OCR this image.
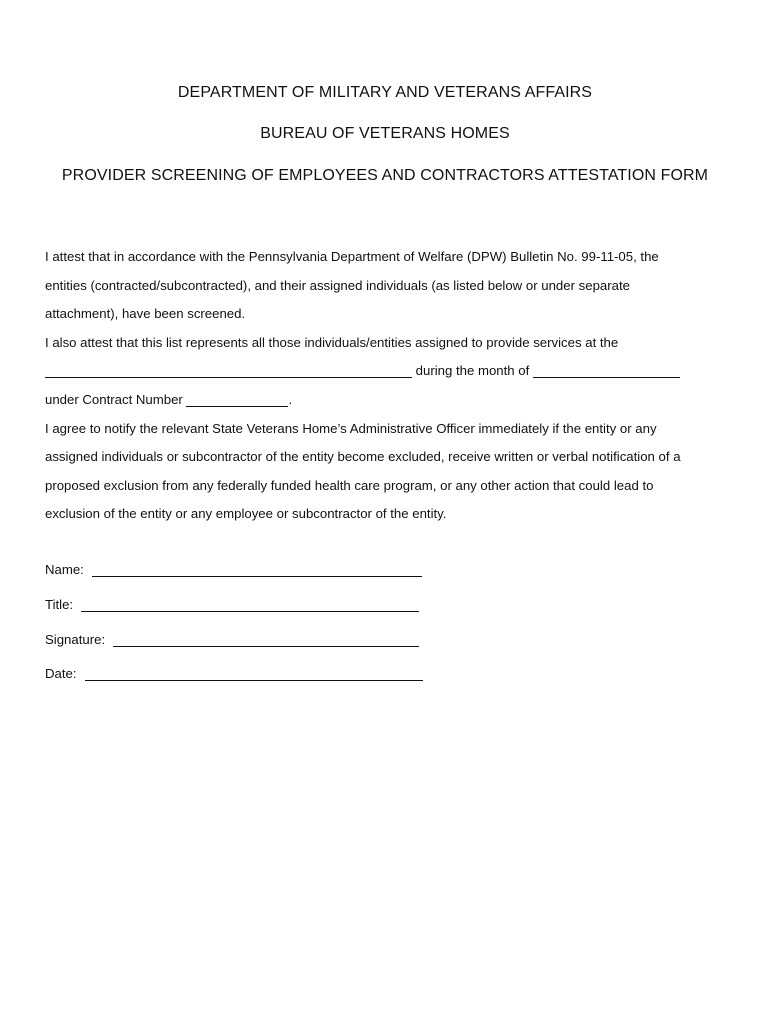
DEPARTMENT OF MILITARY AND VETERANS AFFAIRS
BUREAU OF VETERANS HOMES
PROVIDER SCREENING OF EMPLOYEES AND CONTRACTORS ATTESTATION FORM
I attest that in accordance with the Pennsylvania Department of Welfare (DPW) Bulletin No. 99-11-05, the
entities (contracted/subcontracted), and their assigned individuals (as listed below or under separate
attachment), have been screened.
I also attest that this list represents all those individuals/entities assigned to provide services at the
during the month of
under Contract Number	.
I agree to notify the relevant State Veterans Home’s Administrative Officer immediately if the entity or any
assigned individuals or subcontractor of the entity become excluded, receive written or verbal notification of a
proposed exclusion from any federally funded health care program, or any other action that could lead to
exclusion of the entity or any employee or subcontractor of the entity.
Name:
Title:
Signature:
Date:
